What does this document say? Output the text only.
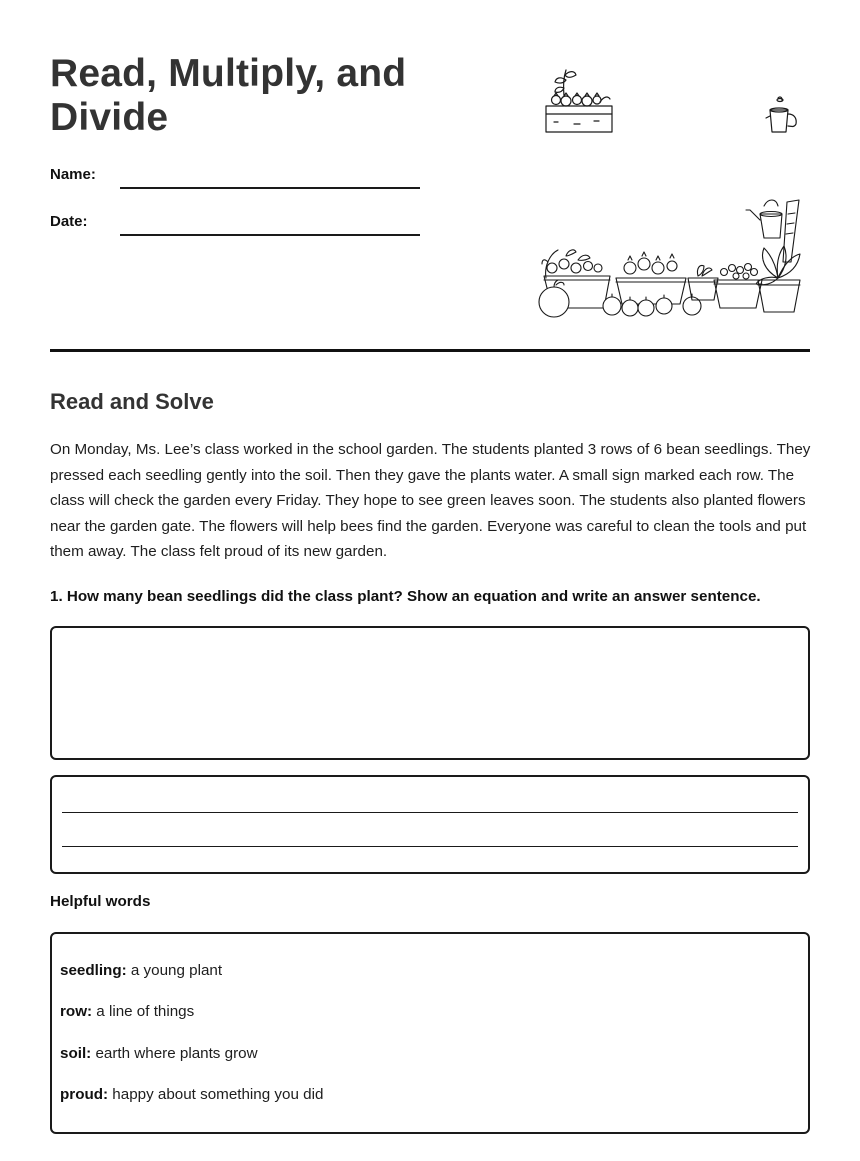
Read, Multiply, and Divide
Name:
Date:
Read and Solve

On Monday, Ms. Lee’s class worked in the school garden. The students planted 3 rows of 6 bean seedlings. They pressed each seedling gently into the soil. Then they gave the plants water. A small sign marked each row. The class will check the garden every Friday. They hope to see green leaves soon. The students also planted flowers near the garden gate. The flowers will help bees find the garden. Everyone was careful to clean the tools and put them away. The class felt proud of its new garden.

1. How many bean seedlings did the class plant? Show an equation and write an answer sentence.

Helpful words

seedling: a young plant

row: a line of things

soil: earth where plants grow

proud: happy about something you did
